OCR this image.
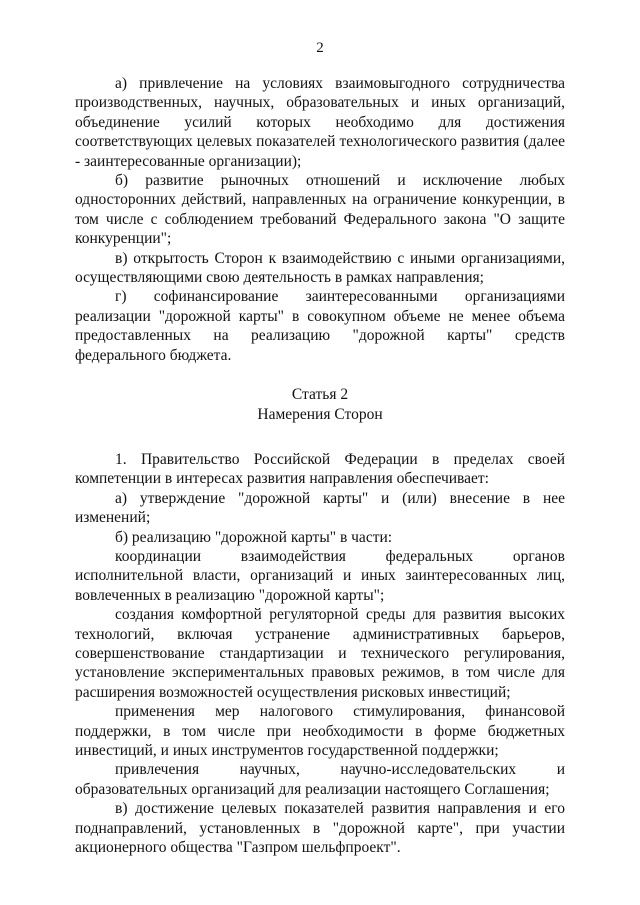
2

а) привлечение на условиях взаимовыгодного сотрудничества производственных, научных, образовательных и иных организаций, объединение усилий которых необходимо для достижения соответствующих целевых показателей технологического развития (далее - заинтересованные организации);

б) развитие рыночных отношений и исключение любых односторонних действий, направленных на ограничение конкуренции, в том числе с соблюдением требований Федерального закона "О защите конкуренции";

в) открытость Сторон к взаимодействию с иными организациями, осуществляющими свою деятельность в рамках направления;

г) софинансирование заинтересованными организациями реализации "дорожной карты" в совокупном объеме не менее объема предоставленных на реализацию "дорожной карты" средств федерального бюджета.

Статья 2

Намерения Сторон

1. Правительство Российской Федерации в пределах своей компетенции в интересах развития направления обеспечивает:

а) утверждение "дорожной карты" и (или) внесение в нее изменений;

б) реализацию "дорожной карты" в части:

координации взаимодействия федеральных органов исполнительной власти, организаций и иных заинтересованных лиц, вовлеченных в реализацию "дорожной карты";

создания комфортной регуляторной среды для развития высоких технологий, включая устранение административных барьеров, совершенствование стандартизации и технического регулирования, установление экспериментальных правовых режимов, в том числе для расширения возможностей осуществления рисковых инвестиций;

применения мер налогового стимулирования, финансовой поддержки, в том числе при необходимости в форме бюджетных инвестиций, и иных инструментов государственной поддержки;

привлечения научных, научно-исследовательских и образовательных организаций для реализации настоящего Соглашения;

в) достижение целевых показателей развития направления и его поднаправлений, установленных в "дорожной карте", при участии акционерного общества "Газпром шельфпроект".
